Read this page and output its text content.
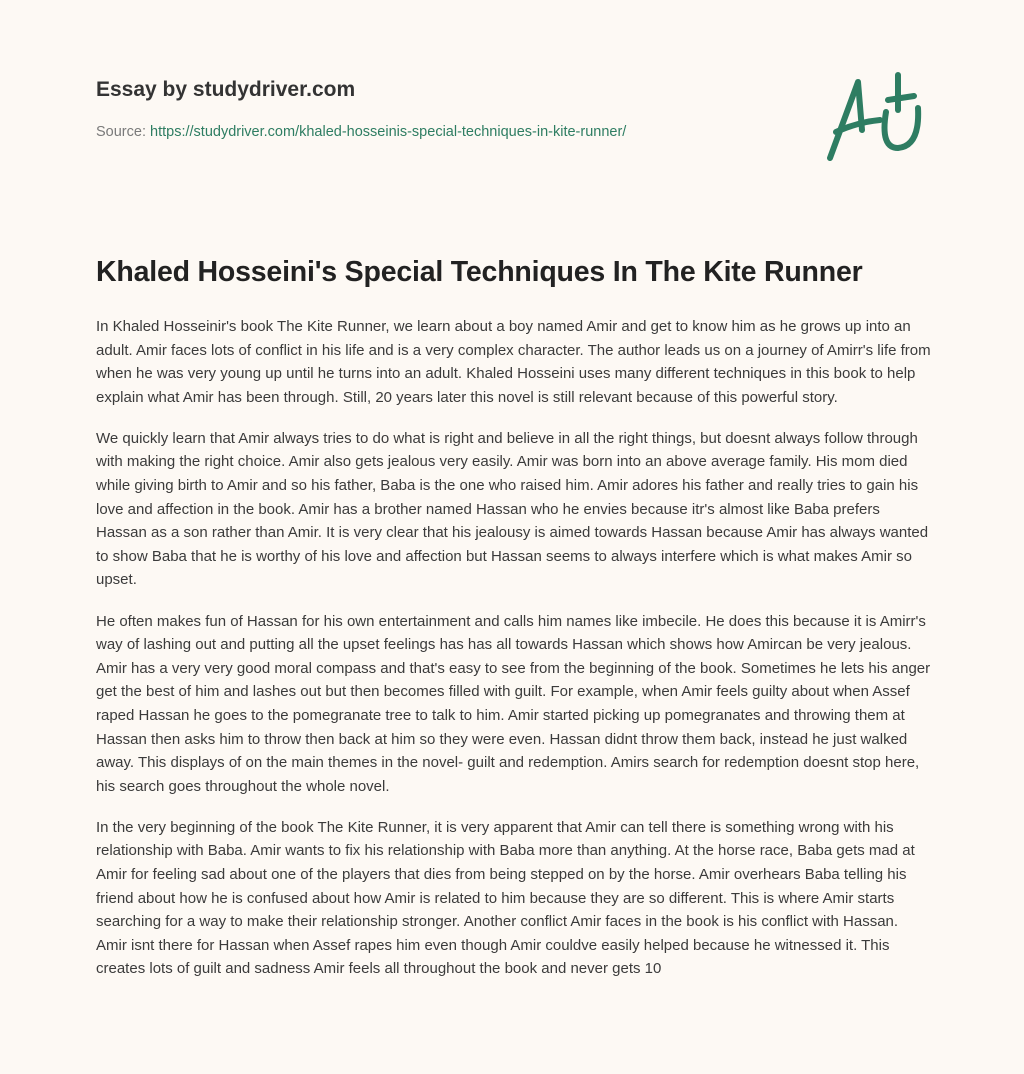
Essay by studydriver.com
Source: https://studydriver.com/khaled-hosseinis-special-techniques-in-kite-runner/
Khaled Hosseini's Special Techniques In The Kite Runner

In Khaled Hosseinir's book The Kite Runner, we learn about a boy named Amir and get to know him as he grows up into an adult. Amir faces lots of conflict in his life and is a very complex character. The author leads us on a journey of Amirr's life from when he was very young up until he turns into an adult. Khaled Hosseini uses many different techniques in this book to help explain what Amir has been through. Still, 20 years later this novel is still relevant because of this powerful story.

We quickly learn that Amir always tries to do what is right and believe in all the right things, but doesnt always follow through with making the right choice. Amir also gets jealous very easily. Amir was born into an above average family. His mom died while giving birth to Amir and so his father, Baba is the one who raised him. Amir adores his father and really tries to gain his love and affection in the book. Amir has a brother named Hassan who he envies because itr's almost like Baba prefers Hassan as a son rather than Amir. It is very clear that his jealousy is aimed towards Hassan because Amir has always wanted to show Baba that he is worthy of his love and affection but Hassan seems to always interfere which is what makes Amir so upset.

He often makes fun of Hassan for his own entertainment and calls him names like imbecile. He does this because it is Amirr's way of lashing out and putting all the upset feelings has has all towards Hassan which shows how Amircan be very jealous. Amir has a very very good moral compass and that's easy to see from the beginning of the book. Sometimes he lets his anger get the best of him and lashes out but then becomes filled with guilt. For example, when Amir feels guilty about when Assef raped Hassan he goes to the pomegranate tree to talk to him. Amir started picking up pomegranates and throwing them at Hassan then asks him to throw then back at him so they were even. Hassan didnt throw them back, instead he just walked away. This displays of on the main themes in the novel- guilt and redemption. Amirs search for redemption doesnt stop here, his search goes throughout the whole novel.

In the very beginning of the book The Kite Runner, it is very apparent that Amir can tell there is something wrong with his relationship with Baba. Amir wants to fix his relationship with Baba more than anything. At the horse race, Baba gets mad at Amir for feeling sad about one of the players that dies from being stepped on by the horse. Amir overhears Baba telling his friend about how he is confused about how Amir is related to him because they are so different. This is where Amir starts searching for a way to make their relationship stronger. Another conflict Amir faces in the book is his conflict with Hassan. Amir isnt there for Hassan when Assef rapes him even though Amir couldve easily helped because he witnessed it. This creates lots of guilt and sadness Amir feels all throughout the book and never gets 10
